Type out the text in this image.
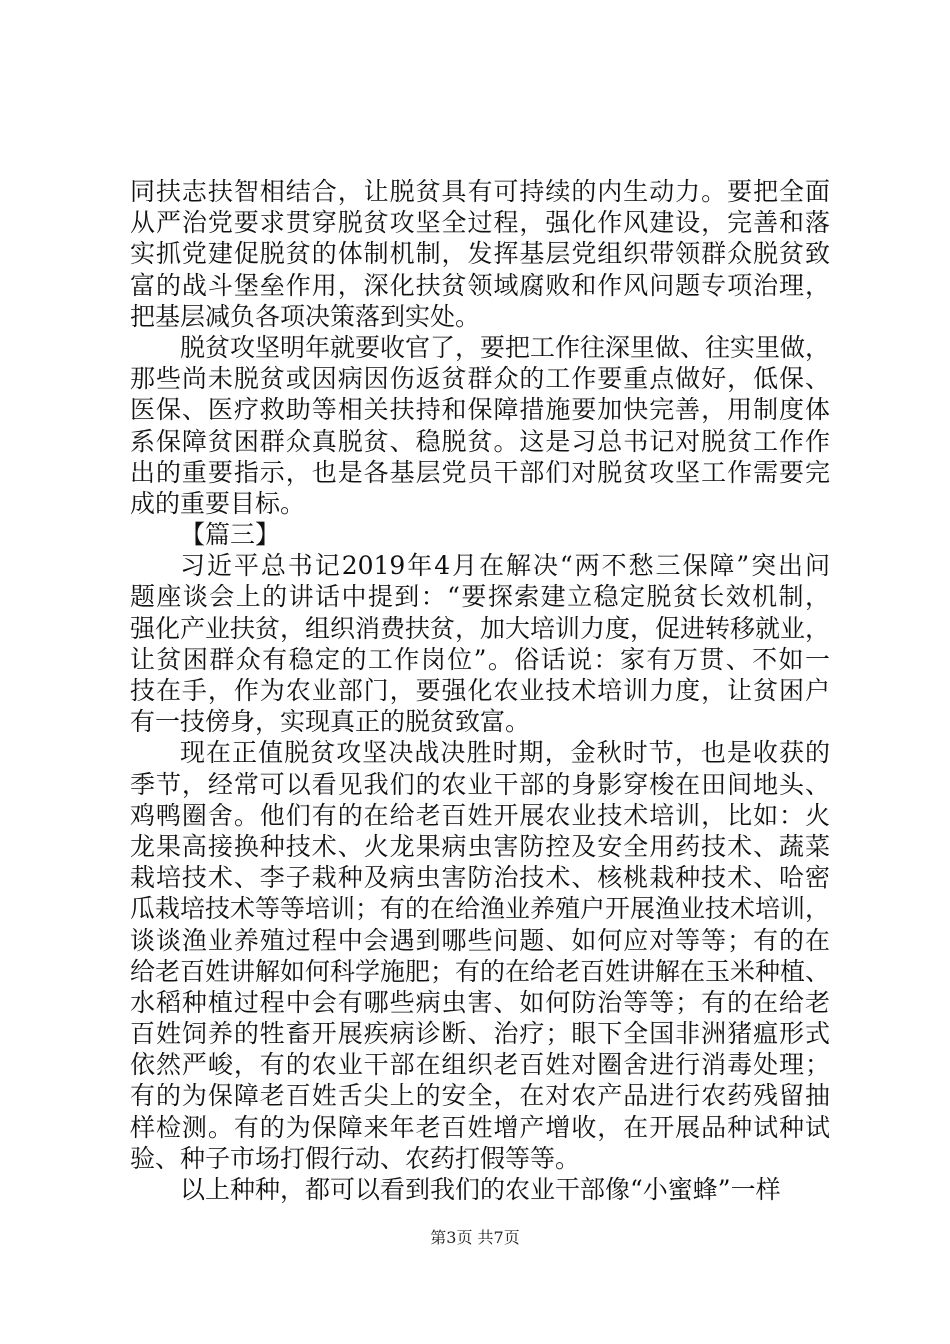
同扶志扶智相结合，让脱贫具有可持续的内生动力。要把全面
从严治党要求贯穿脱贫攻坚全过程，强化作风建设，完善和落
实抓党建促脱贫的体制机制，发挥基层党组织带领群众脱贫致
富的战斗堡垒作用，深化扶贫领域腐败和作风问题专项治理，
把基层减负各项决策落到实处。
脱贫攻坚明年就要收官了，要把工作往深里做、往实里做，
那些尚未脱贫或因病因伤返贫群众的工作要重点做好，低保、
医保、医疗救助等相关扶持和保障措施要加快完善，用制度体
系保障贫困群众真脱贫、稳脱贫。这是习总书记对脱贫工作作
出的重要指示，也是各基层党员干部们对脱贫攻坚工作需要完
成的重要目标。
【篇三】
习近平总书记2019年4月在解决“两不愁三保障”突出问
题座谈会上的讲话中提到：“要探索建立稳定脱贫长效机制，
强化产业扶贫，组织消费扶贫，加大培训力度，促进转移就业，
让贫困群众有稳定的工作岗位”。俗话说：家有万贯、不如一
技在手，作为农业部门，要强化农业技术培训力度，让贫困户
有一技傍身，实现真正的脱贫致富。
现在正值脱贫攻坚决战决胜时期，金秋时节，也是收获的
季节，经常可以看见我们的农业干部的身影穿梭在田间地头、
鸡鸭圈舍。他们有的在给老百姓开展农业技术培训，比如：火
龙果高接换种技术、火龙果病虫害防控及安全用药技术、蔬菜
栽培技术、李子栽种及病虫害防治技术、核桃栽种技术、哈密
瓜栽培技术等等培训；有的在给渔业养殖户开展渔业技术培训，
谈谈渔业养殖过程中会遇到哪些问题、如何应对等等；有的在
给老百姓讲解如何科学施肥；有的在给老百姓讲解在玉米种植、
水稻种植过程中会有哪些病虫害、如何防治等等；有的在给老
百姓饲养的牲畜开展疾病诊断、治疗；眼下全国非洲猪瘟形式
依然严峻，有的农业干部在组织老百姓对圈舍进行消毒处理；
有的为保障老百姓舌尖上的安全，在对农产品进行农药残留抽
样检测。有的为保障来年老百姓增产增收，在开展品种试种试
验、种子市场打假行动、农药打假等等。
以上种种，都可以看到我们的农业干部像“小蜜蜂”一样
第3页 共7页
